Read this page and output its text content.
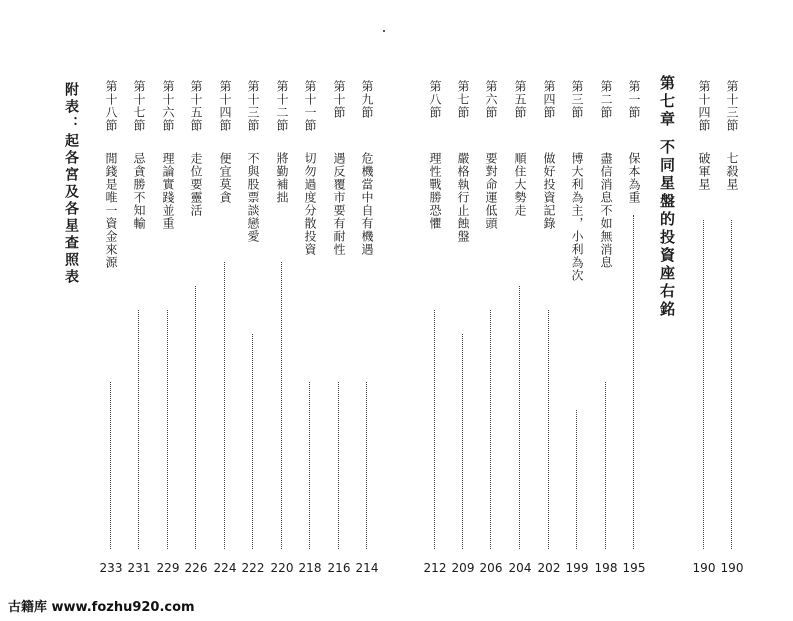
第十三節
七殺星
190
第十四節
破軍星
190
第七章不同星盤的投資座右銘
第一節
保本為重
195
第二節
盡信消息不如無消息
198
第三節
博大利為主，小利為次
199
第四節
做好投資記錄
202
第五節
順住大勢走
204
第六節
要對命運低頭
206
第七節
嚴格執行止蝕盤
209
第八節
理性戰勝恐懼
212
第九節
危機當中自有機遇
214
第十節
遇反覆市要有耐性
216
第十一節
切勿過度分散投資
218
第十二節
將勤補拙
220
第十三節
不與股票談戀愛
222
第十四節
便宜莫貪
224
第十五節
走位要靈活
226
第十六節
理論實踐並重
229
第十七節
忌貪勝不知輸
231
第十八節
閒錢是唯一資金來源
233
附表：起各宮及各星查照表
古籍库 www.fozhu920.com
